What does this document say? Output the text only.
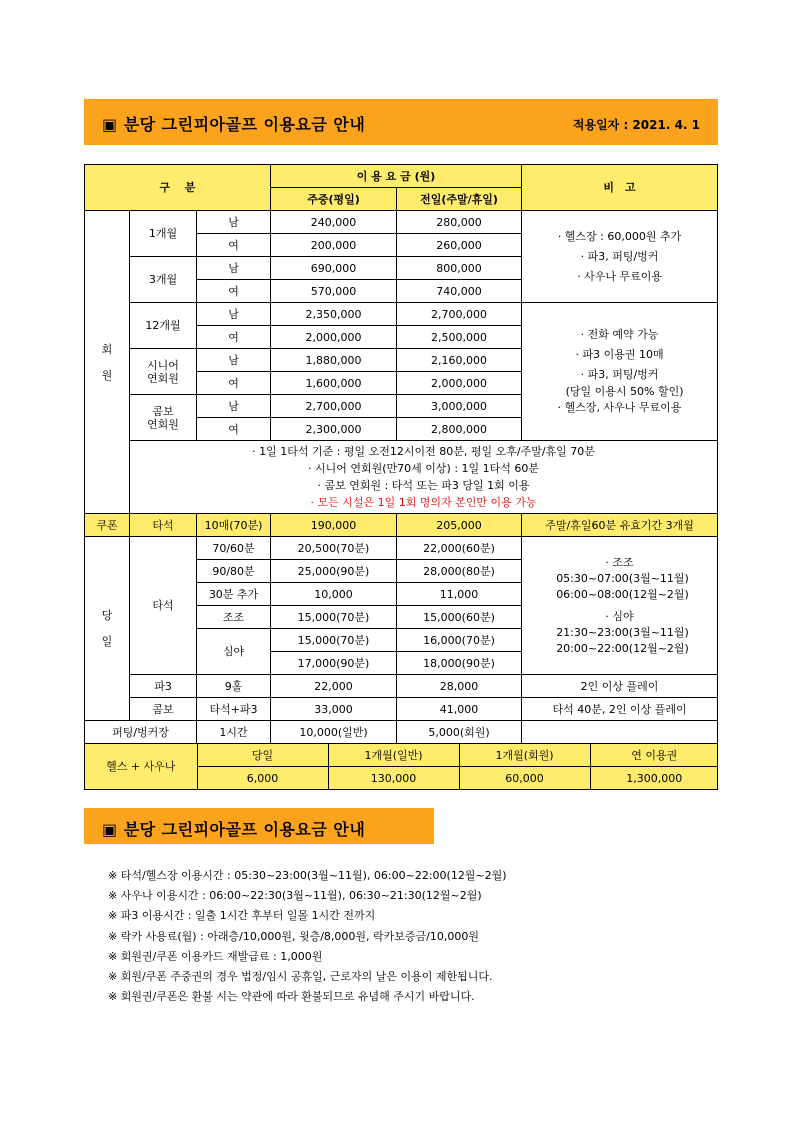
▣ 분당 그린피아골프 이용요금 안내	적용일자 : 2021. 4. 1
구　 분	이 용 요 금 (원)	비　고
주중(평일)	전일(주말/휴일)
회

원	1개월	남	240,000	280,000	
· 헬스장 : 60,000원 추가
· 파3, 퍼팅/벙커
· 사우나 무료이용

여	200,000	260,000
3개월	남	690,000	800,000
여	570,000	740,000
12개월	남	2,350,000	2,700,000	
· 전화 예약 가능
· 파3 이용권 10매
· 파3, 퍼팅/벙커
(당일 이용시 50% 할인)
· 헬스장, 사우나 무료이용

여	2,000,000	2,500,000
시니어
연회원	남	1,880,000	2,160,000
여	1,600,000	2,000,000
콤보
연회원	남	2,700,000	3,000,000
여	2,300,000	2,800,000

· 1일 1타석 기준 : 평일 오전12시이전 80분, 평일 오후/주말/휴일 70분
· 시니어 연회원(만70세 이상) : 1일 1타석 60분
· 콤보 연회원 : 타석 또는 파3 당일 1회 이용
· 모든 시설은 1일 1회 명의자 본인만 이용 가능

쿠폰	타석	10매(70분)	190,000	205,000	주말/휴일60분 유효기간 3개월
당

일	타석	70/60분	20,500(70분)	22,000(60분)	
· 조조
05:30~07:00(3월~11월)
06:00~08:00(12월~2월)
· 심야
21:30~23:00(3월~11월)
20:00~22:00(12월~2월)

90/80분	25,000(90분)	28,000(80분)
30분 추가	10,000	11,000
조조	15,000(70분)	15,000(60분)
심야	15,000(70분)	16,000(70분)
17,000(90분)	18,000(90분)
파3	9홀	22,000	28,000	2인 이상 플레이
콤보	타석+파3	33,000	41,000	타석 40분, 2인 이상 플레이
퍼팅/벙커장	1시간	10,000(일반)	5,000(회원)	

헬스 + 사우나	당일	1개월(일반)	1개월(회원)	연 이용권
6,000	130,000	60,000	1,300,000
▣ 분당 그린피아골프 이용요금 안내
※ 타석/헬스장 이용시간 : 05:30~23:00(3월~11월), 06:00~22:00(12월~2월)
※ 사우나 이용시간 : 06:00~22:30(3월~11월), 06:30~21:30(12월~2월)
※ 파3 이용시간 : 일출 1시간 후부터 일몰 1시간 전까지
※ 락카 사용료(월) : 아래층/10,000원, 윗층/8,000원, 락카보증금/10,000원
※ 회원권/쿠폰 이용카드 재발급료 : 1,000원
※ 회원/쿠폰 주중권의 경우 법정/임시 공휴일, 근로자의 날은 이용이 제한됩니다.
※ 회원권/쿠폰은 환불 시는 약관에 따라 환불되므로 유념해 주시기 바랍니다.
